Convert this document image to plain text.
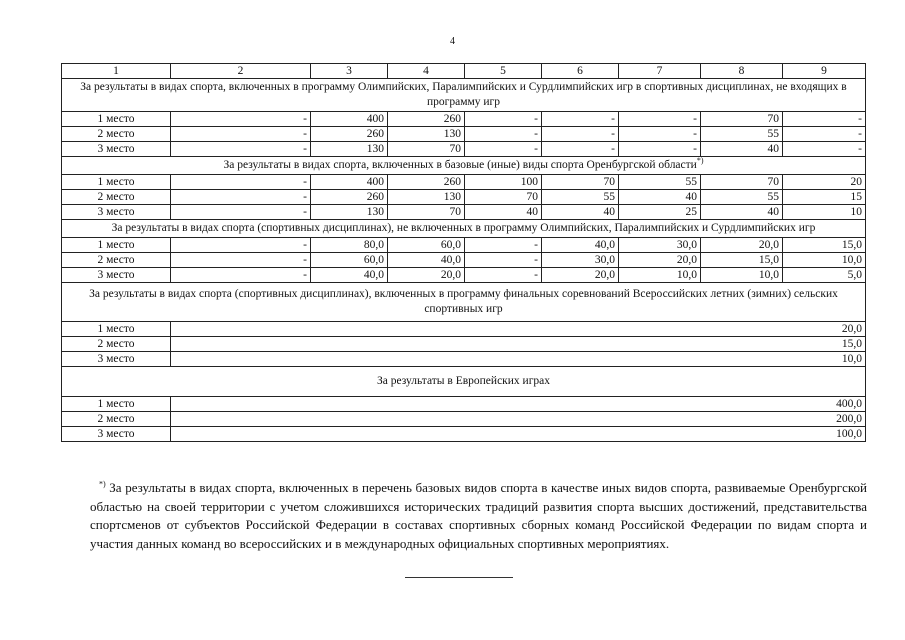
4
1	2	3	4	5	6	7	8	9
За результаты в видах спорта, включенных в программу Олимпийских, Паралимпийских и Сурдлимпийских игр в спортивных дисциплинах, не входящих в программу игр								
1 место	-	400	260	-	-	-	70	-
2 место	-	260	130	-	-	-	55	-
3 место	-	130	70	-	-	-	40	-
За результаты в видах спорта, включенных в базовые (иные) виды спорта Оренбургской области*)
1 место	-	400	260	100	70	55	70	20
2 место	-	260	130	70	55	40	55	15
3 место	-	130	70	40	40	25	40	10
За результаты в видах спорта (спортивных дисциплинах), не включенных в программу Олимпийских, Паралимпийских и Сурдлимпийских игр								
1 место	-	80,0	60,0	-	40,0	30,0	20,0	15,0
2 место	-	60,0	40,0	-	30,0	20,0	15,0	10,0
3 место	-	40,0	20,0	-	20,0	10,0	10,0	5,0
За результаты в видах спорта (спортивных дисциплинах), включенных в программу финальных соревнований Всероссийских летних (зимних) сельских спортивных игр								
1 место	20,0							
2 место	15,0							
3 место	10,0							
За результаты в Европейских играх								
1 место	400,0							
2 место	200,0							
3 место	100,0							

*) За результаты в видах спорта, включенных в перечень базовых видов спорта в качестве иных видов спорта, развиваемые Оренбургской областью на своей территории с учетом сложившихся исторических традиций развития спорта высших достижений, представительства спортсменов от субъектов Российской Федерации в составах спортивных сборных команд Российской Федерации по видам спорта и участия данных команд во всероссийских и в международных официальных спортивных мероприятиях.
